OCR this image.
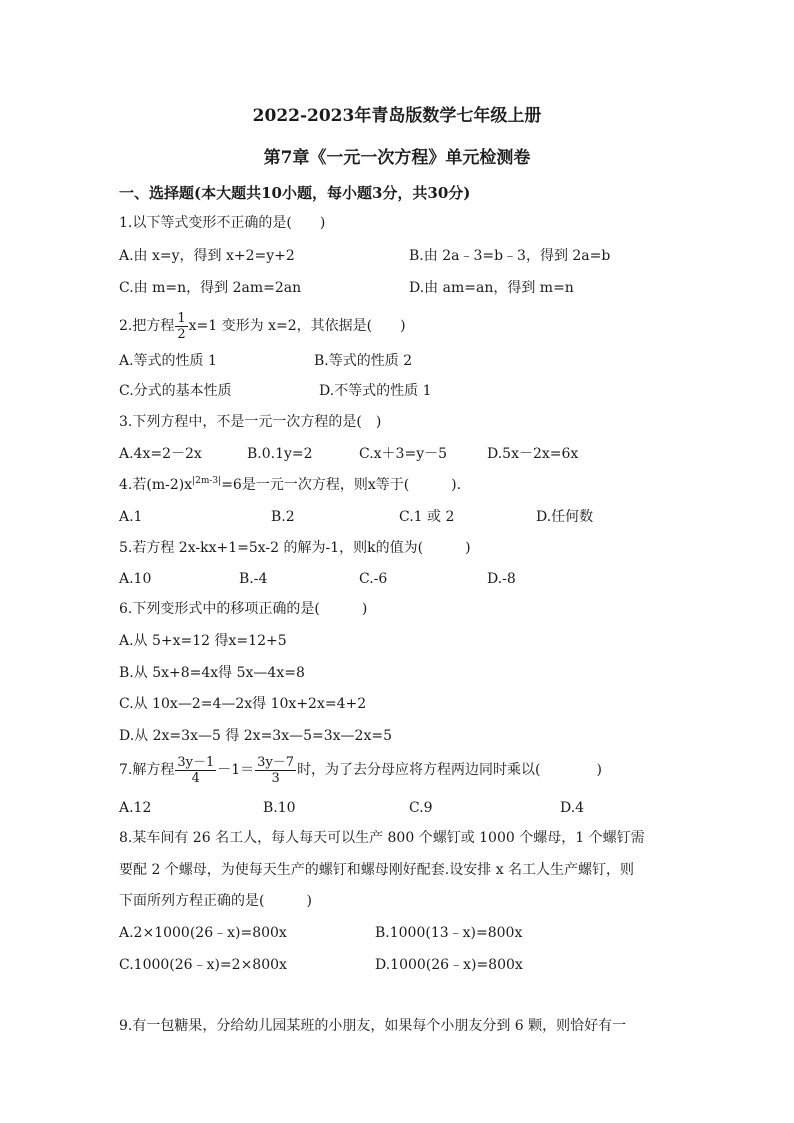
2022-2023年青岛版数学七年级上册
第7章《一元一次方程》单元检测卷
一、选择题(本大题共10小题，每小题3分，共30分)
1.以下等式变形不正确的是(　　)
A.由 x=y，得到 x+2=y+2	B.由 2a﹣3=b﹣3，得到 2a=b
C.由 m=n，得到 2am=2an	D.由 am=an，得到 m=n
2.把方程 $\frac{1}{2} x=1$ 变形为 x=2，其依据是(　　)
A.等式的性质 1	B.等式的性质 2
C.分式的基本性质	D.不等式的性质 1
3.下列方程中，不是一元一次方程的是(　)
A.4x=2－2x	B.0.1y=2	C.x＋3=y－5	D.5x－2x=6x
4.若$(m-2)x^{|2m-3|}=6$是一元一次方程，则x等于(　　　).
A.1	B.2	C.1 或 2	D.任何数
5.若方程 2x-kx+1=5x-2 的解为-1，则k的值为(　　　)
A.10	B.-4	C.-6	D.-8
6.下列变形式中的移项正确的是(　　　)
A.从 5+x=12 得x=12+5
B.从 5x+8=4x得 5x—4x=8
C.从 10x—2=4—2x得 10x+2x=4+2
D.从 2x=3x—5 得 2x=3x—5=3x—2x=5
7.解方程 $\frac{3y-1}{4} -1= \frac{3y-7}{3}$ 时，为了去分母应将方程两边同时乘以(　　　　)
A.12	B.10	C.9	D.4
8.某车间有 26 名工人，每人每天可以生产 800 个螺钉或 1000 个螺母，1 个螺钉需
要配 2 个螺母，为使每天生产的螺钉和螺母刚好配套.设安排 x 名工人生产螺钉，则
下面所列方程正确的是(　　　)
A.2×1000(26﹣x)=800x	B.1000(13﹣x)=800x
C.1000(26﹣x)=2×800x	D.1000(26﹣x)=800x
9.有一包糖果，分给幼儿园某班的小朋友，如果每个小朋友分到 6 颗，则恰好有一
